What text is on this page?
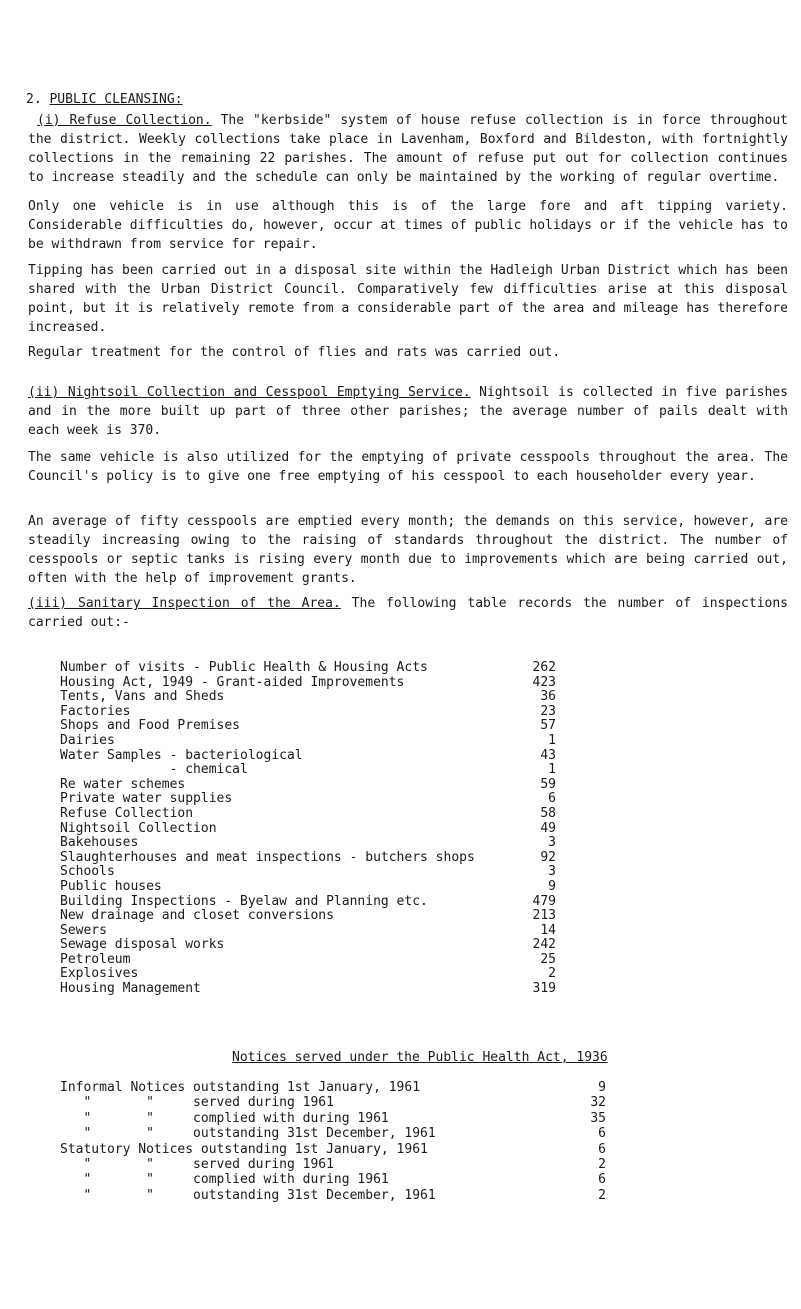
2. PUBLIC CLEANSING:
(i) Refuse Collection. The "kerbside" system of house refuse collection is in force throughout the district. Weekly collections take place in Lavenham, Boxford and Bildeston, with fortnightly collections in the remaining 22 parishes. The amount of refuse put out for collection continues to increase steadily and the schedule can only be maintained by the working of regular overtime.
Only one vehicle is in use although this is of the large fore and aft tipping variety. Considerable difficulties do, however, occur at times of public holidays or if the vehicle has to be withdrawn from service for repair.
Tipping has been carried out in a disposal site within the Hadleigh Urban District which has been shared with the Urban District Council. Comparatively few difficulties arise at this disposal point, but it is relatively remote from a considerable part of the area and mileage has therefore increased.
Regular treatment for the control of flies and rats was carried out.
(ii) Nightsoil Collection and Cesspool Emptying Service. Nightsoil is collected in five parishes and in the more built up part of three other parishes; the average number of pails dealt with each week is 370.
The same vehicle is also utilized for the emptying of private cesspools throughout the area. The Council's policy is to give one free emptying of his cesspool to each householder every year.
An average of fifty cesspools are emptied every month; the demands on this service, however, are steadily increasing owing to the raising of standards throughout the district. The number of cesspools or septic tanks is rising every month due to improvements which are being carried out, often with the help of improvement grants.
(iii) Sanitary Inspection of the Area. The following table records the number of inspections carried out:-
Number of visits - Public Health & Housing Acts	262
Housing Act, 1949 - Grant-aided Improvements	423
Tents, Vans and Sheds	36
Factories	23
Shops and Food Premises	57
Dairies	1
Water Samples - bacteriological	43
- chemical	1
Re water schemes	59
Private water supplies	6
Refuse Collection	58
Nightsoil Collection	49
Bakehouses	3
Slaughterhouses and meat inspections - butchers shops	92
Schools	3
Public houses	9
Building Inspections - Byelaw and Planning etc.	479
New drainage and closet conversions	213
Sewers	14
Sewage disposal works	242
Petroleum	25
Explosives	2
Housing Management	319
Notices served under the Public Health Act, 1936
Informal Notices outstanding 1st January, 1961	9
"       "     served during 1961	32
"       "     complied with during 1961	35
"       "     outstanding 31st December, 1961	6
Statutory Notices outstanding 1st January, 1961	6
"       "     served during 1961	2
"       "     complied with during 1961	6
"       "     outstanding 31st December, 1961	2
